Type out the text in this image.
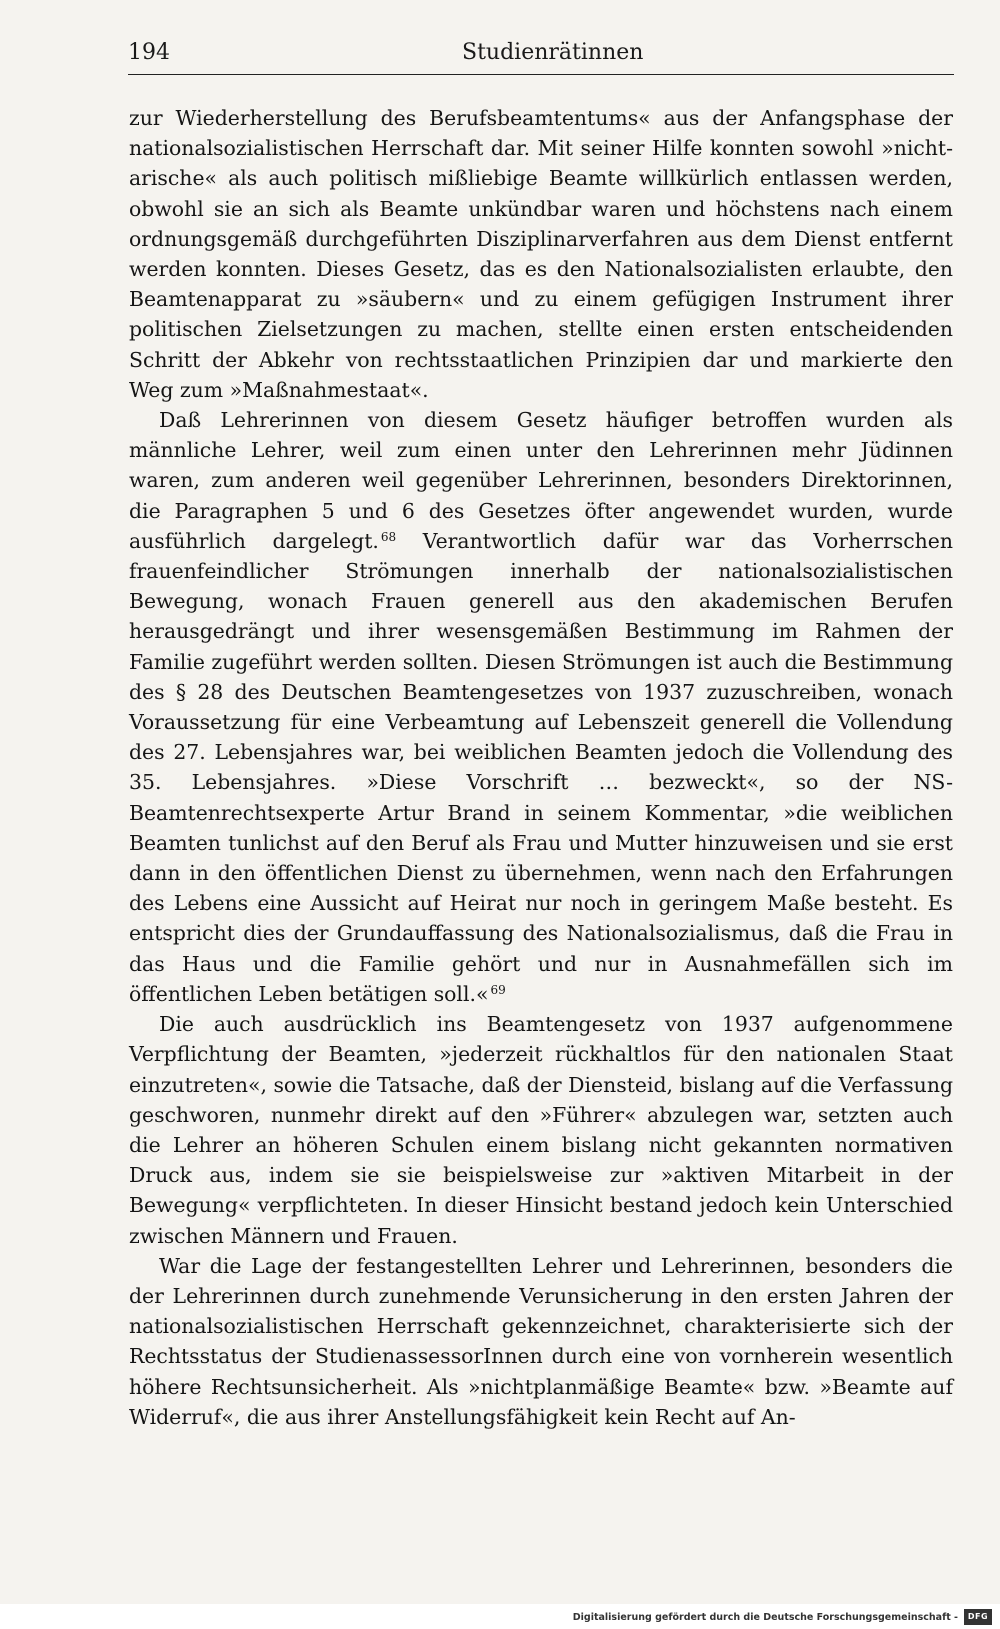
194	Studienrätinnen

zur Wiederherstellung des Berufsbeamtentums« aus der Anfangsphase der nationalsozialistischen Herrschaft dar. Mit seiner Hilfe konnten sowohl »nicht-arische« als auch politisch mißliebige Beamte willkürlich entlassen werden, obwohl sie an sich als Beamte unkündbar waren und höchstens nach einem ordnungsgemäß durchgeführten Disziplinarverfahren aus dem Dienst entfernt werden konnten. Dieses Gesetz, das es den Nationalsozialisten erlaubte, den Beamtenapparat zu »säubern« und zu einem gefügigen Instrument ihrer politischen Zielsetzungen zu machen, stellte einen ersten entscheidenden Schritt der Abkehr von rechtsstaatlichen Prinzipien dar und markierte den Weg zum »Maßnahmestaat«.

Daß Lehrerinnen von diesem Gesetz häufiger betroffen wurden als männliche Lehrer, weil zum einen unter den Lehrerinnen mehr Jüdinnen waren, zum anderen weil gegenüber Lehrerinnen, besonders Direktorinnen, die Paragraphen 5 und 6 des Gesetzes öfter angewendet wurden, wurde ausführlich dargelegt. $^{68}$ Verantwortlich dafür war das Vorherrschen frauenfeindlicher Strömungen innerhalb der nationalsozialistischen Bewegung, wonach Frauen generell aus den akademischen Berufen herausgedrängt und ihrer wesensgemäßen Bestimmung im Rahmen der Familie zugeführt werden sollten. Diesen Strömungen ist auch die Bestimmung des § 28 des Deutschen Beamtengesetzes von 1937 zuzuschreiben, wonach Voraussetzung für eine Verbeamtung auf Lebenszeit generell die Vollendung des 27. Lebensjahres war, bei weiblichen Beamten jedoch die Vollendung des 35. Lebensjahres. »Diese Vorschrift … bezweckt«, so der NS-Beamtenrechtsexperte Artur Brand in seinem Kommentar, »die weiblichen Beamten tunlichst auf den Beruf als Frau und Mutter hinzuweisen und sie erst dann in den öffentlichen Dienst zu übernehmen, wenn nach den Erfahrungen des Lebens eine Aussicht auf Heirat nur noch in geringem Maße besteht. Es entspricht dies der Grundauffassung des Nationalsozialismus, daß die Frau in das Haus und die Familie gehört und nur in Ausnahmefällen sich im öffentlichen Leben betätigen soll.« $^{69}$

Die auch ausdrücklich ins Beamtengesetz von 1937 aufgenommene Verpflichtung der Beamten, »jederzeit rückhaltlos für den nationalen Staat einzutreten«, sowie die Tatsache, daß der Diensteid, bislang auf die Verfassung geschworen, nunmehr direkt auf den »Führer« abzulegen war, setzten auch die Lehrer an höheren Schulen einem bislang nicht gekannten normativen Druck aus, indem sie sie beispielsweise zur »aktiven Mitarbeit in der Bewegung« verpflichteten. In dieser Hinsicht bestand jedoch kein Unterschied zwischen Männern und Frauen.

War die Lage der festangestellten Lehrer und Lehrerinnen, besonders die der Lehrerinnen durch zunehmende Verunsicherung in den ersten Jahren der nationalsozialistischen Herrschaft gekennzeichnet, charakterisierte sich der Rechtsstatus der StudienassessorInnen durch eine von vornherein wesentlich höhere Rechtsunsicherheit. Als »nichtplanmäßige Beamte« bzw. »Beamte auf Widerruf«, die aus ihrer Anstellungsfähigkeit kein Recht auf An-

Digitalisierung gefördert durch die Deutsche Forschungsgemeinschaft -	DFG
